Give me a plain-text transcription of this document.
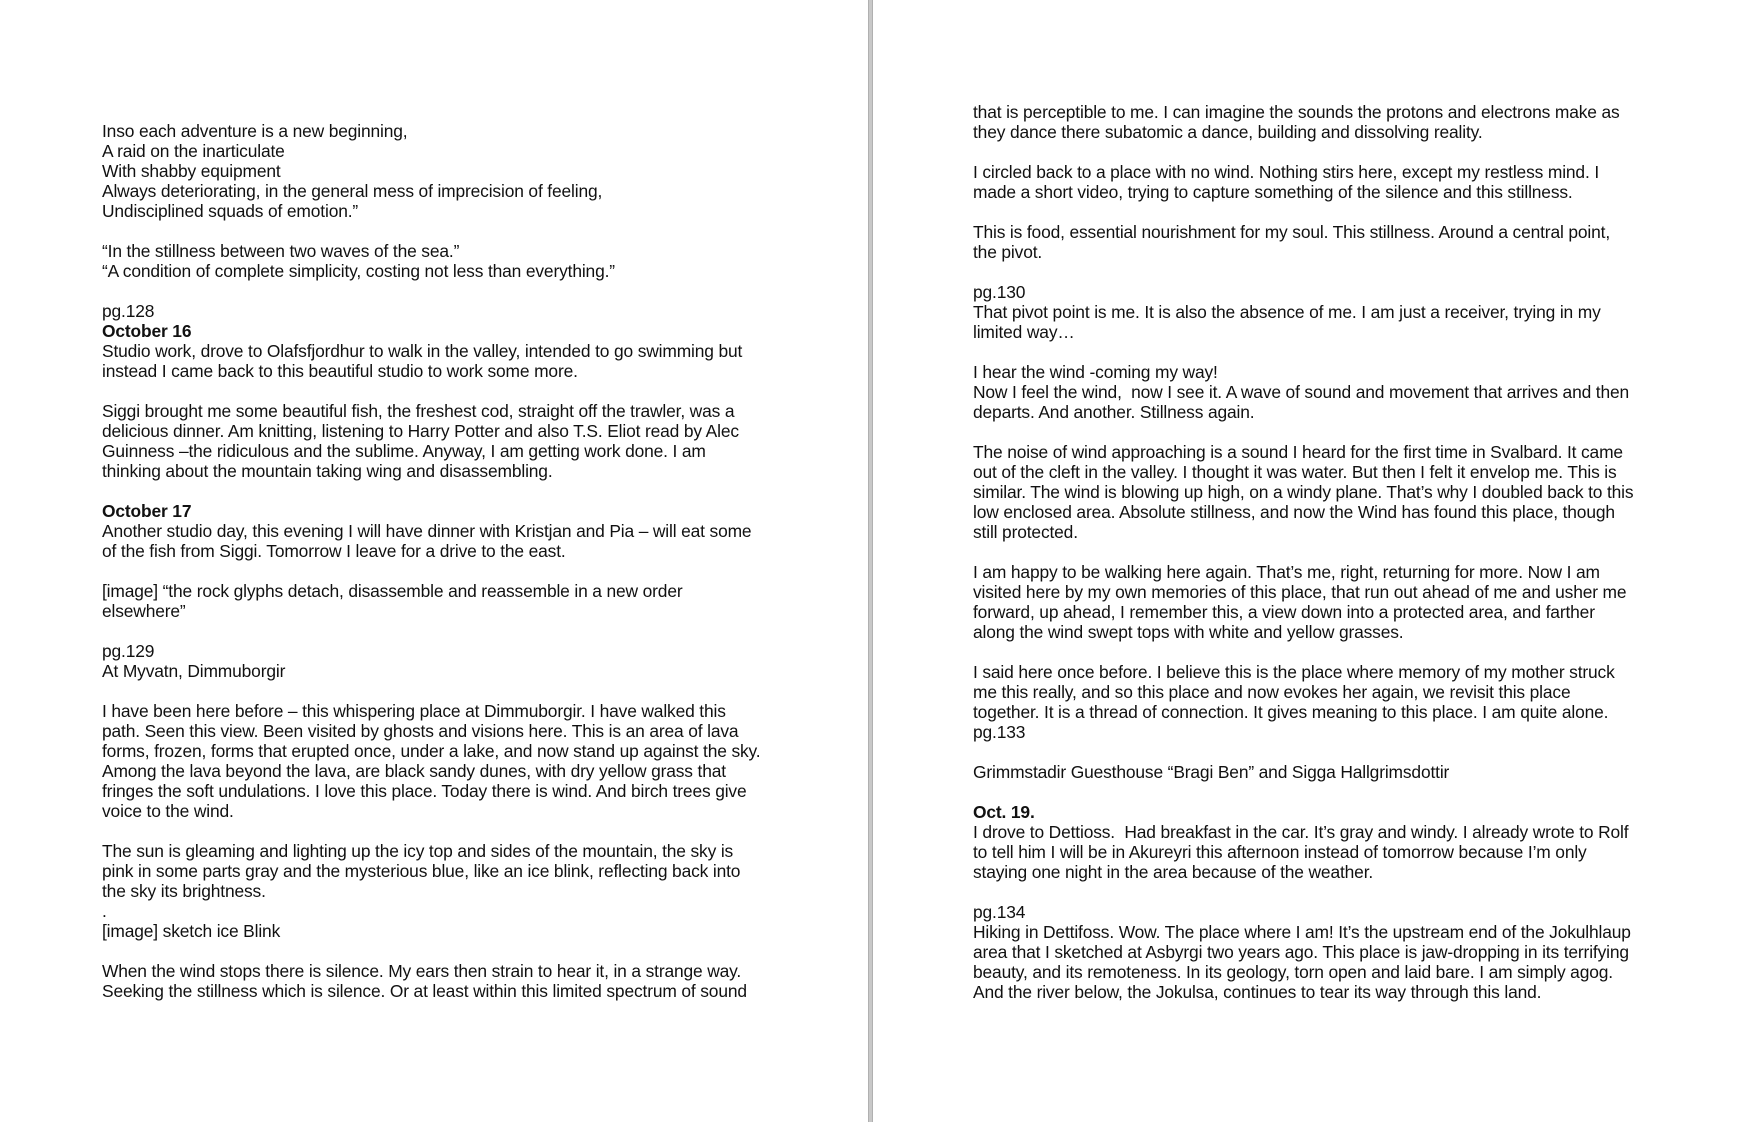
Inso each adventure is a new beginning,
A raid on the inarticulate
With shabby equipment
Always deteriorating, in the general mess of imprecision of feeling,
Undisciplined squads of emotion.”
“In the stillness between two waves of the sea.”
“A condition of complete simplicity, costing not less than everything.”
pg.128
October 16
Studio work, drove to Olafsfjordhur to walk in the valley, intended to go swimming but
instead I came back to this beautiful studio to work some more.
Siggi brought me some beautiful fish, the freshest cod, straight off the trawler, was a
delicious dinner. Am knitting, listening to Harry Potter and also T.S. Eliot read by Alec
Guinness –the ridiculous and the sublime. Anyway, I am getting work done. I am
thinking about the mountain taking wing and disassembling.
October 17
Another studio day, this evening I will have dinner with Kristjan and Pia – will eat some
of the fish from Siggi. Tomorrow I leave for a drive to the east.
[image] “the rock glyphs detach, disassemble and reassemble in a new order
elsewhere”
pg.129
At Myvatn, Dimmuborgir
I have been here before – this whispering place at Dimmuborgir. I have walked this
path. Seen this view. Been visited by ghosts and visions here. This is an area of lava
forms, frozen, forms that erupted once, under a lake, and now stand up against the sky.
Among the lava beyond the lava, are black sandy dunes, with dry yellow grass that
fringes the soft undulations. I love this place. Today there is wind. And birch trees give
voice to the wind.
The sun is gleaming and lighting up the icy top and sides of the mountain, the sky is
pink in some parts gray and the mysterious blue, like an ice blink, reflecting back into
the sky its brightness.
.
[image] sketch ice Blink
When the wind stops there is silence. My ears then strain to hear it, in a strange way.
Seeking the stillness which is silence. Or at least within this limited spectrum of sound
that is perceptible to me. I can imagine the sounds the protons and electrons make as
they dance there subatomic a dance, building and dissolving reality.
I circled back to a place with no wind. Nothing stirs here, except my restless mind. I
made a short video, trying to capture something of the silence and this stillness.
This is food, essential nourishment for my soul. This stillness. Around a central point,
the pivot.
pg.130
That pivot point is me. It is also the absence of me. I am just a receiver, trying in my
limited way…
I hear the wind -coming my way!
Now I feel the wind,  now I see it. A wave of sound and movement that arrives and then
departs. And another. Stillness again.
The noise of wind approaching is a sound I heard for the first time in Svalbard. It came
out of the cleft in the valley. I thought it was water. But then I felt it envelop me. This is
similar. The wind is blowing up high, on a windy plane. That’s why I doubled back to this
low enclosed area. Absolute stillness, and now the Wind has found this place, though
still protected.
I am happy to be walking here again. That’s me, right, returning for more. Now I am
visited here by my own memories of this place, that run out ahead of me and usher me
forward, up ahead, I remember this, a view down into a protected area, and farther
along the wind swept tops with white and yellow grasses.
I said here once before. I believe this is the place where memory of my mother struck
me this really, and so this place and now evokes her again, we revisit this place
together. It is a thread of connection. It gives meaning to this place. I am quite alone.
pg.133
Grimmstadir Guesthouse “Bragi Ben” and Sigga Hallgrimsdottir
Oct. 19.
I drove to Dettioss.  Had breakfast in the car. It’s gray and windy. I already wrote to Rolf
to tell him I will be in Akureyri this afternoon instead of tomorrow because I’m only
staying one night in the area because of the weather.
pg.134
Hiking in Dettifoss. Wow. The place where I am! It’s the upstream end of the Jokulhlaup
area that I sketched at Asbyrgi two years ago. This place is jaw-dropping in its terrifying
beauty, and its remoteness. In its geology, torn open and laid bare. I am simply agog.
And the river below, the Jokulsa, continues to tear its way through this land.
